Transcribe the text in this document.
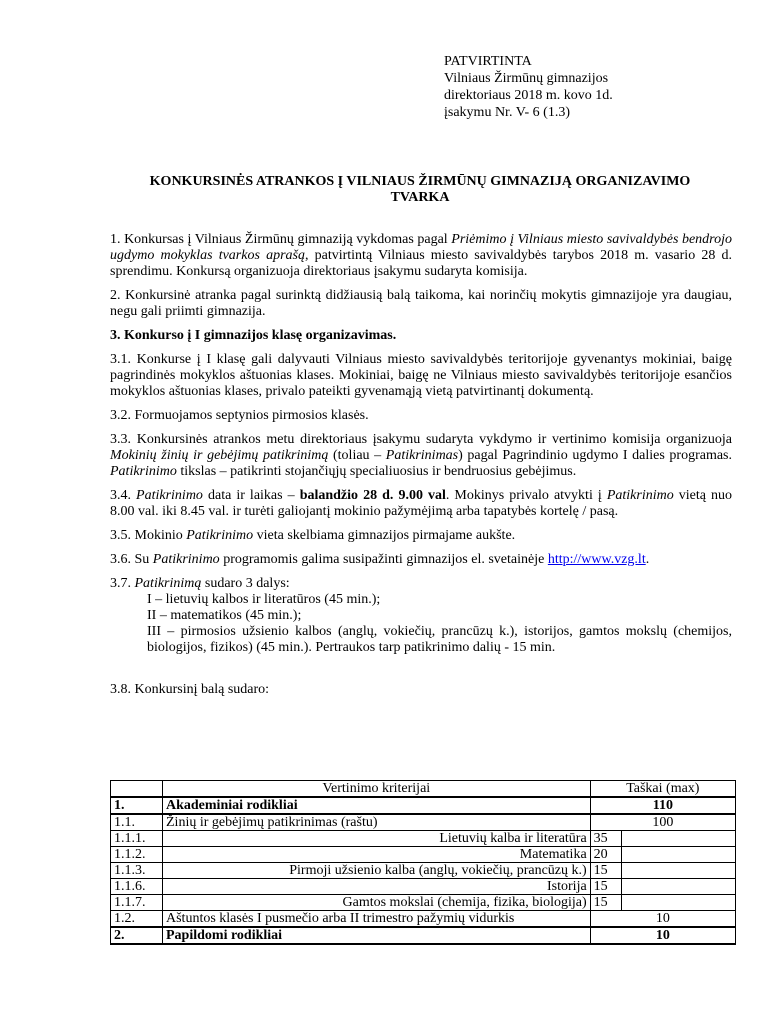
PATVIRTINTA
Vilniaus Žirmūnų gimnazijos
direktoriaus 2018 m. kovo 1d.
įsakymu Nr. V- 6 (1.3)
KONKURSINĖS ATRANKOS Į VILNIAUS ŽIRMŪNŲ GIMNAZIJĄ ORGANIZAVIMO
TVARKA

1. Konkursas į Vilniaus Žirmūnų gimnaziją vykdomas pagal Priėmimo į Vilniaus miesto savivaldybės bendrojo ugdymo mokyklas tvarkos aprašą, patvirtintą Vilniaus miesto savivaldybės tarybos 2018 m. vasario 28 d. sprendimu. Konkursą organizuoja direktoriaus įsakymu sudaryta komisija.

2. Konkursinė atranka pagal surinktą didžiausią balą taikoma, kai norinčių mokytis gimnazijoje yra daugiau, negu gali priimti gimnazija.

3. Konkurso į I gimnazijos klasę organizavimas.

3.1. Konkurse į I klasę gali dalyvauti Vilniaus miesto savivaldybės teritorijoje gyvenantys mokiniai, baigę pagrindinės mokyklos aštuonias klases. Mokiniai, baigę ne Vilniaus miesto savivaldybės teritorijoje esančios mokyklos aštuonias klases, privalo pateikti gyvenamąją vietą patvirtinantį dokumentą.

3.2. Formuojamos septynios pirmosios klasės.

3.3. Konkursinės atrankos metu direktoriaus įsakymu sudaryta vykdymo ir vertinimo komisija organizuoja Mokinių žinių ir gebėjimų patikrinimą (toliau – Patikrinimas) pagal Pagrindinio ugdymo I dalies programas. Patikrinimo tikslas – patikrinti stojančiųjų specialiuosius ir bendruosius gebėjimus.

3.4. Patikrinimo data ir laikas – balandžio 28 d. 9.00 val. Mokinys privalo atvykti į Patikrinimo vietą nuo 8.00 val. iki 8.45 val. ir turėti galiojantį mokinio pažymėjimą arba tapatybės kortelę / pasą.

3.5. Mokinio Patikrinimo vieta skelbiama gimnazijos pirmajame aukšte.

3.6. Su Patikrinimo programomis galima susipažinti gimnazijos el. svetainėje http://www.vzg.lt.

3.7. Patikrinimą sudaro 3 dalys:
I – lietuvių kalbos ir literatūros (45 min.);
II – matematikos (45 min.);
III – pirmosios užsienio kalbos (anglų, vokiečių, prancūzų k.), istorijos, gamtos mokslų (chemijos, biologijos, fizikos) (45 min.). Pertraukos tarp patikrinimo dalių - 15 min.

3.8. Konkursinį balą sudaro:

	Vertinimo kriterijai	Taškai (max)	
1.	Akademiniai rodikliai	110	
1.1.	Žinių ir gebėjimų patikrinimas (raštu)	100	
1.1.1.	Lietuvių kalba ir literatūra	35	
1.1.2.	Matematika	20	
1.1.3.	Pirmoji užsienio kalba (anglų, vokiečių, prancūzų k.)	15	
1.1.6.	Istorija	15	
1.1.7.	Gamtos mokslai (chemija, fizika, biologija)	15	
1.2.	Aštuntos klasės I pusmečio arba II trimestro pažymių vidurkis	10	
2.	Papildomi rodikliai	10	
